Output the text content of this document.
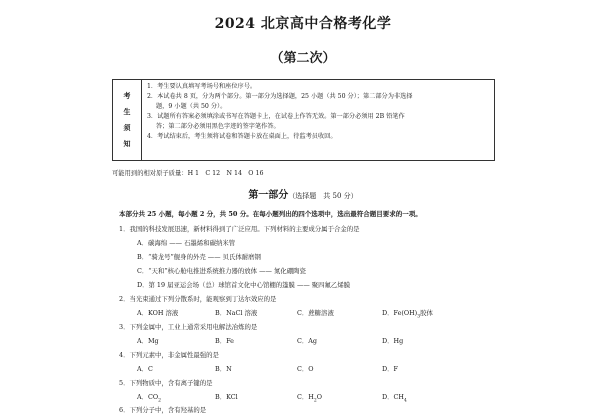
2024 北京高中合格考化学
（第二次）
考
生
须
知
1．考生要认真填写考场号和座位序号。
2．本试卷共 8 页，分为两个部分。第一部分为选择题，25 小题（共 50 分）；第二部分为非选择
题，9 小题（共 50 分）。
3．试题所有答案必须填涂或书写在答题卡上，在试卷上作答无效。第一部分必须用 2B 铅笔作
答；第二部分必须用黑色字迹的签字笔作答。
4．考试结束后，考生须将试卷和答题卡放在桌面上，待监考员收回。
可能用到的相对原子质量：H 1　C 12　N 14　O 16
第一部分（选择题　共 50 分）
本部分共 25 小题，每小题 2 分，共 50 分。在每小题列出的四个选项中，选出最符合题目要求的一项。
1．我国的科技发展迅速，新材料得到了广泛应用。下列材料的主要成分属于合金的是
A．碳海绵 —— 石墨烯和碳纳米管
B．“骑龙号”舰身的外壳 —— 贝氏体耐磨钢
C．“天和”核心舱电推进系统推力器的放体 —— 氮化硼陶瓷
D．第 19 届亚运会场（总）球馆首文化中心馆棚的篷膜 —— 聚四氟乙烯膜
2．当光束通过下列分散系时，能观察到丁达尔效应的是
A．KOH 溶液	B．NaCl 溶液	C．蔗糖溶液	D．$Fe(OH)_3$胶体
3．下列金属中，工业上通常采用电解法冶炼的是
A．Mg	B．Fe	C．Ag	D．Hg
4．下列元素中，非金属性最强的是
A．C	B．N	C．O	D．F
5．下列物质中，含有离子键的是
A．$CO_2$	B．KCl	C．$H_2O$	D．$CH_4$
6．下列分子中，含有羟基的是
